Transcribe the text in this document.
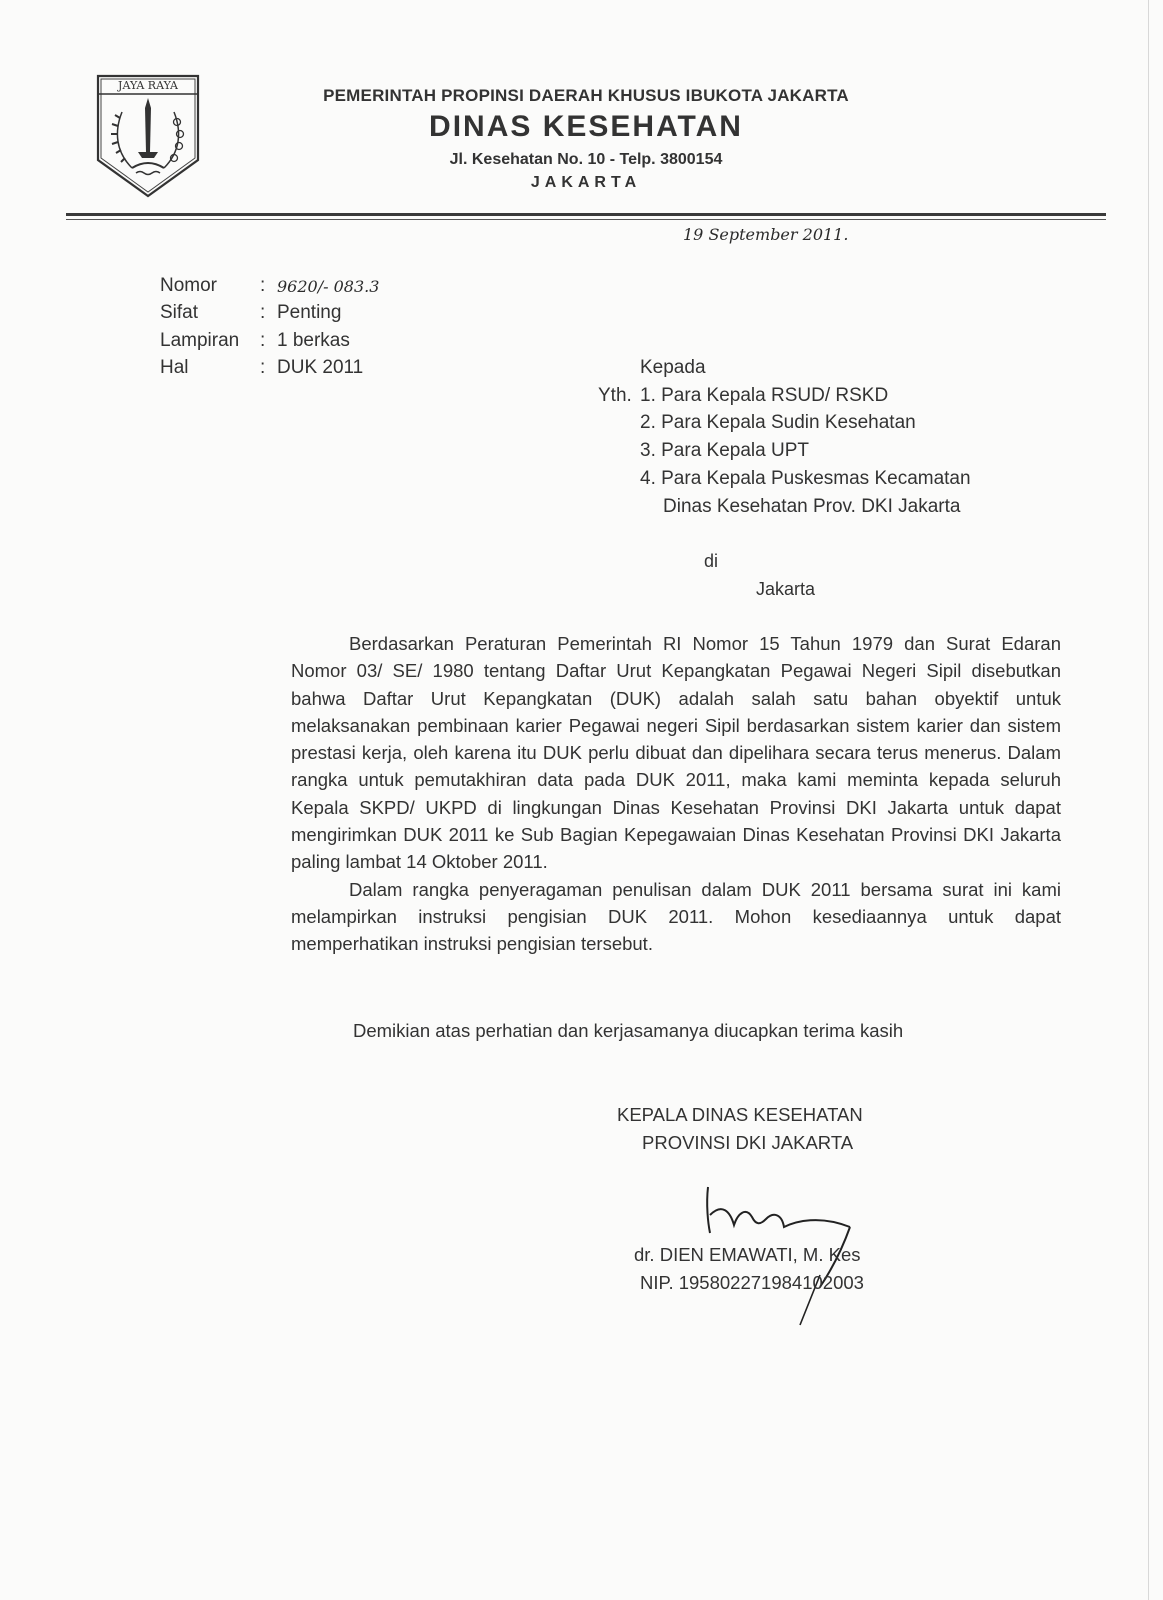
JAYA RAYA
PEMERINTAH PROPINSI DAERAH KHUSUS IBUKOTA JAKARTA
DINAS KESEHATAN
Jl. Kesehatan No. 10 - Telp. 3800154
JAKARTA
19 September 2011.
Nomor : 9620/- 083.3
Sifat	: Penting
Lampiran : 1 berkas
Hal	: DUK 2011	Kepada
Yth. 1. Para Kepala RSUD/ RSKD
2. Para Kepala Sudin Kesehatan
3. Para Kepala UPT
4. Para Kepala Puskesmas Kecamatan
Dinas Kesehatan Prov. DKI Jakarta
di
Jakarta

Berdasarkan Peraturan Pemerintah RI Nomor 15 Tahun 1979 dan Surat Edaran Nomor 03/ SE/ 1980 tentang Daftar Urut Kepangkatan Pegawai Negeri Sipil disebutkan bahwa Daftar Urut Kepangkatan (DUK) adalah salah satu bahan obyektif untuk melaksanakan pembinaan karier Pegawai negeri Sipil berdasarkan sistem karier dan sistem prestasi kerja, oleh karena itu DUK perlu dibuat dan dipelihara secara terus menerus. Dalam rangka untuk pemutakhiran data pada DUK 2011, maka kami meminta kepada seluruh Kepala SKPD/ UKPD di lingkungan Dinas Kesehatan Provinsi DKI Jakarta untuk dapat mengirimkan DUK 2011 ke Sub Bagian Kepegawaian Dinas Kesehatan Provinsi DKI Jakarta paling lambat 14 Oktober 2011.

Dalam rangka penyeragaman penulisan dalam DUK 2011 bersama surat ini kami melampirkan instruksi pengisian DUK 2011. Mohon kesediaannya untuk dapat memperhatikan instruksi pengisian tersebut.

Demikian atas perhatian dan kerjasamanya diucapkan terima kasih
KEPALA DINAS KESEHATAN
PROVINSI DKI JAKARTA
dr. DIEN EMAWATI, M. Kes
NIP. 195802271984102003
